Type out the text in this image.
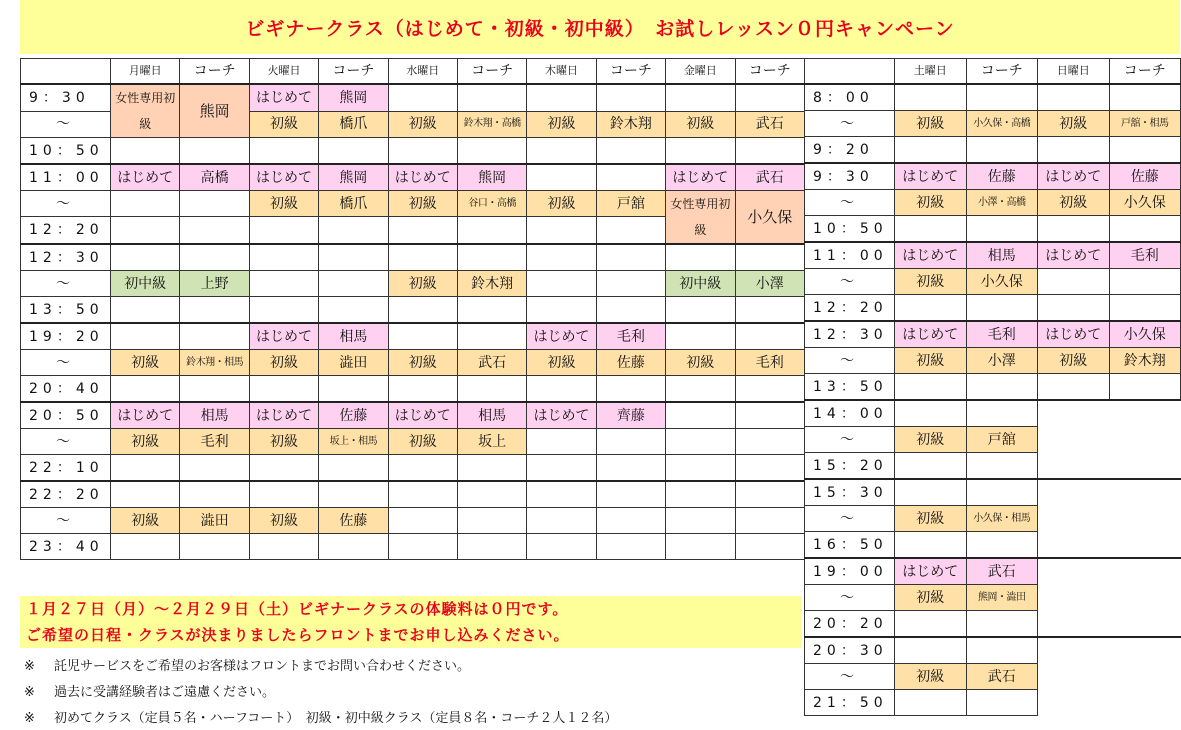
ビギナークラス（はじめて・初級・初中級）　お試しレッスン０円キャンペーン
	月曜日	コーチ	火曜日	コーチ	水曜日	コーチ	木曜日	コーチ	金曜日	コーチ
9：30	女性専用初級	熊岡	はじめて	熊岡						
～			初級	橋爪	初級	鈴木翔・高橋	初級	鈴木翔	初級	武石
10：50										
11：00	はじめて	高橋	はじめて	熊岡	はじめて	熊岡			はじめて	武石
～			初級	橋爪	初級	谷口・高橋	初級	戸舘	女性専用初級	小久保
12：20										
12：30										
～	初中級	上野			初級	鈴木翔			初中級	小澤
13：50										
19：20			はじめて	相馬			はじめて	毛利		
～	初級	鈴木翔・相馬	初級	澁田	初級	武石	初級	佐藤	初級	毛利
20：40										
20：50	はじめて	相馬	はじめて	佐藤	はじめて	相馬	はじめて	齊藤		
～	初級	毛利	初級	坂上・相馬	初級	坂上				
22：10										
22：20										
～	初級	澁田	初級	佐藤						
23：40										
	土曜日	コーチ	日曜日	コーチ
8：00				
～	初級	小久保・高橋	初級	戸舘・相馬
9：20				
9：30	はじめて	佐藤	はじめて	佐藤
～	初級	小澤・高橋	初級	小久保
10：50				
11：00	はじめて	相馬	はじめて	毛利
～	初級	小久保		
12：20				
12：30	はじめて	毛利	はじめて	小久保
～	初級	小澤	初級	鈴木翔
13：50				
14：00				
～	初級	戸舘		
15：20				
15：30				
～	初級	小久保・相馬		
16：50				
19：00	はじめて	武石		
～	初級	熊岡・澁田		
20：20				
20：30				
～	初級	武石		
21：50				
１月２７日（月）～２月２９日（土）ビギナークラスの体験料は０円です。
ご希望の日程・クラスが決まりましたらフロントまでお申し込みください。
※ 託児サービスをご希望のお客様はフロントまでお問い合わせください。
※ 過去に受講経験者はご遠慮ください。
※ 初めてクラス（定員５名・ハーフコート）　初級・初中級クラス（定員８名・コーチ２人１２名）
